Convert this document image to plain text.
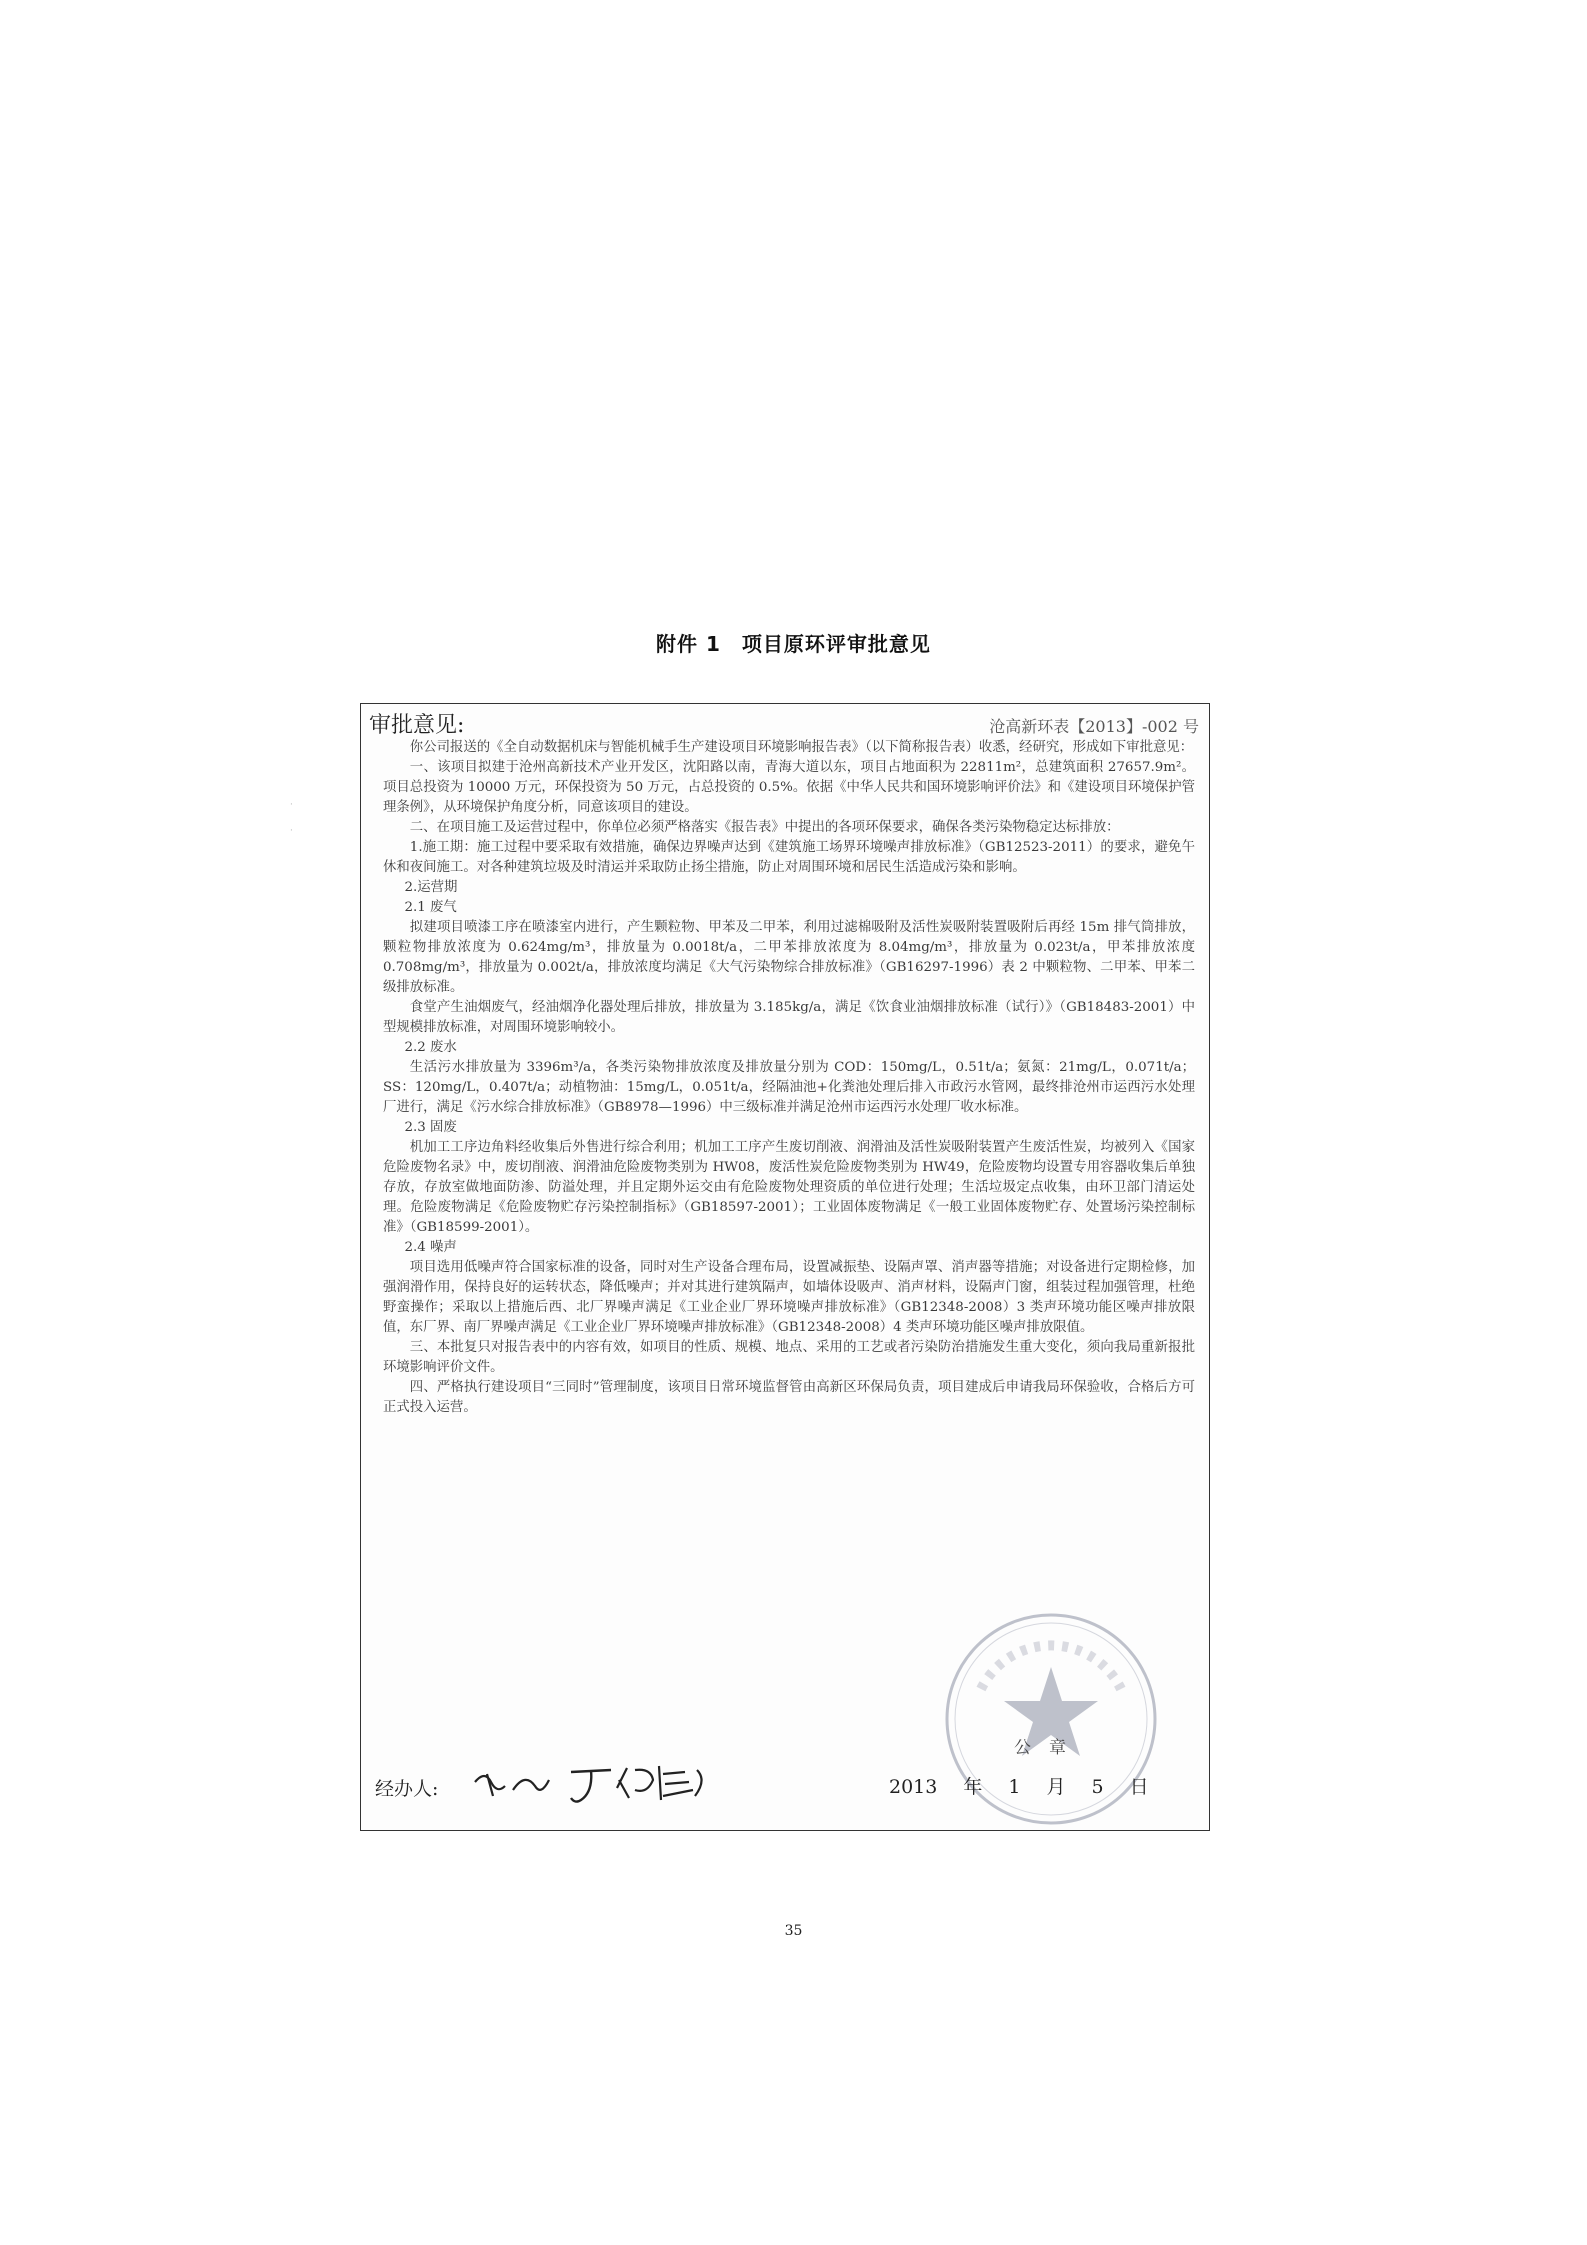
附件 1　项目原环评审批意见
·
·
审批意见:	沧高新环表【2013】-002 号

你公司报送的《全自动数据机床与智能机械手生产建设项目环境影响报告表》（以下简称报告表）收悉，经研究，形成如下审批意见：

一、该项目拟建于沧州高新技术产业开发区，沈阳路以南，青海大道以东，项目占地面积为 22811m²，总建筑面积 27657.9m²。项目总投资为 10000 万元，环保投资为 50 万元，占总投资的 0.5%。依据《中华人民共和国环境影响评价法》和《建设项目环境保护管理条例》，从环境保护角度分析，同意该项目的建设。

二、在项目施工及运营过程中，你单位必须严格落实《报告表》中提出的各项环保要求，确保各类污染物稳定达标排放：

1.施工期：施工过程中要采取有效措施，确保边界噪声达到《建筑施工场界环境噪声排放标准》（GB12523-2011）的要求，避免午休和夜间施工。对各种建筑垃圾及时清运并采取防止扬尘措施，防止对周围环境和居民生活造成污染和影响。

2.运营期

2.1 废气

拟建项目喷漆工序在喷漆室内进行，产生颗粒物、甲苯及二甲苯，利用过滤棉吸附及活性炭吸附装置吸附后再经 15m 排气筒排放，颗粒物排放浓度为 0.624mg/m³，排放量为 0.0018t/a，二甲苯排放浓度为 8.04mg/m³，排放量为 0.023t/a，甲苯排放浓度 0.708mg/m³，排放量为 0.002t/a，排放浓度均满足《大气污染物综合排放标准》（GB16297-1996）表 2 中颗粒物、二甲苯、甲苯二级排放标准。

食堂产生油烟废气，经油烟净化器处理后排放，排放量为 3.185kg/a，满足《饮食业油烟排放标准（试行）》（GB18483-2001）中型规模排放标准，对周围环境影响较小。

2.2 废水

生活污水排放量为 3396m³/a，各类污染物排放浓度及排放量分别为 COD：150mg/L，0.51t/a；氨氮：21mg/L，0.071t/a；SS：120mg/L，0.407t/a；动植物油：15mg/L，0.051t/a，经隔油池+化粪池处理后排入市政污水管网，最终排沧州市运西污水处理厂进行，满足《污水综合排放标准》（GB8978—1996）中三级标准并满足沧州市运西污水处理厂收水标准。

2.3 固废

机加工工序边角料经收集后外售进行综合利用；机加工工序产生废切削液、润滑油及活性炭吸附装置产生废活性炭，均被列入《国家危险废物名录》中，废切削液、润滑油危险废物类别为 HW08，废活性炭危险废物类别为 HW49，危险废物均设置专用容器收集后单独存放，存放室做地面防渗、防溢处理，并且定期外运交由有危险废物处理资质的单位进行处理；生活垃圾定点收集，由环卫部门清运处理。危险废物满足《危险废物贮存污染控制指标》（GB18597-2001）；工业固体废物满足《一般工业固体废物贮存、处置场污染控制标准》（GB18599-2001）。

2.4 噪声

项目选用低噪声符合国家标准的设备，同时对生产设备合理布局，设置减振垫、设隔声罩、消声器等措施；对设备进行定期检修，加强润滑作用，保持良好的运转状态，降低噪声；并对其进行建筑隔声，如墙体设吸声、消声材料，设隔声门窗，组装过程加强管理，杜绝野蛮操作；采取以上措施后西、北厂界噪声满足《工业企业厂界环境噪声排放标准》（GB12348-2008）3 类声环境功能区噪声排放限值，东厂界、南厂界噪声满足《工业企业厂界环境噪声排放标准》（GB12348-2008）4 类声环境功能区噪声排放限值。

三、本批复只对报告表中的内容有效，如项目的性质、规模、地点、采用的工艺或者污染防治措施发生重大变化，须向我局重新报批环境影响评价文件。

四、严格执行建设项目“三同时”管理制度，该项目日常环境监督管由高新区环保局负责，项目建成后申请我局环保验收，合格后方可正式投入运营。

公章
经办人:	2013 年 1 月 5 日
35
